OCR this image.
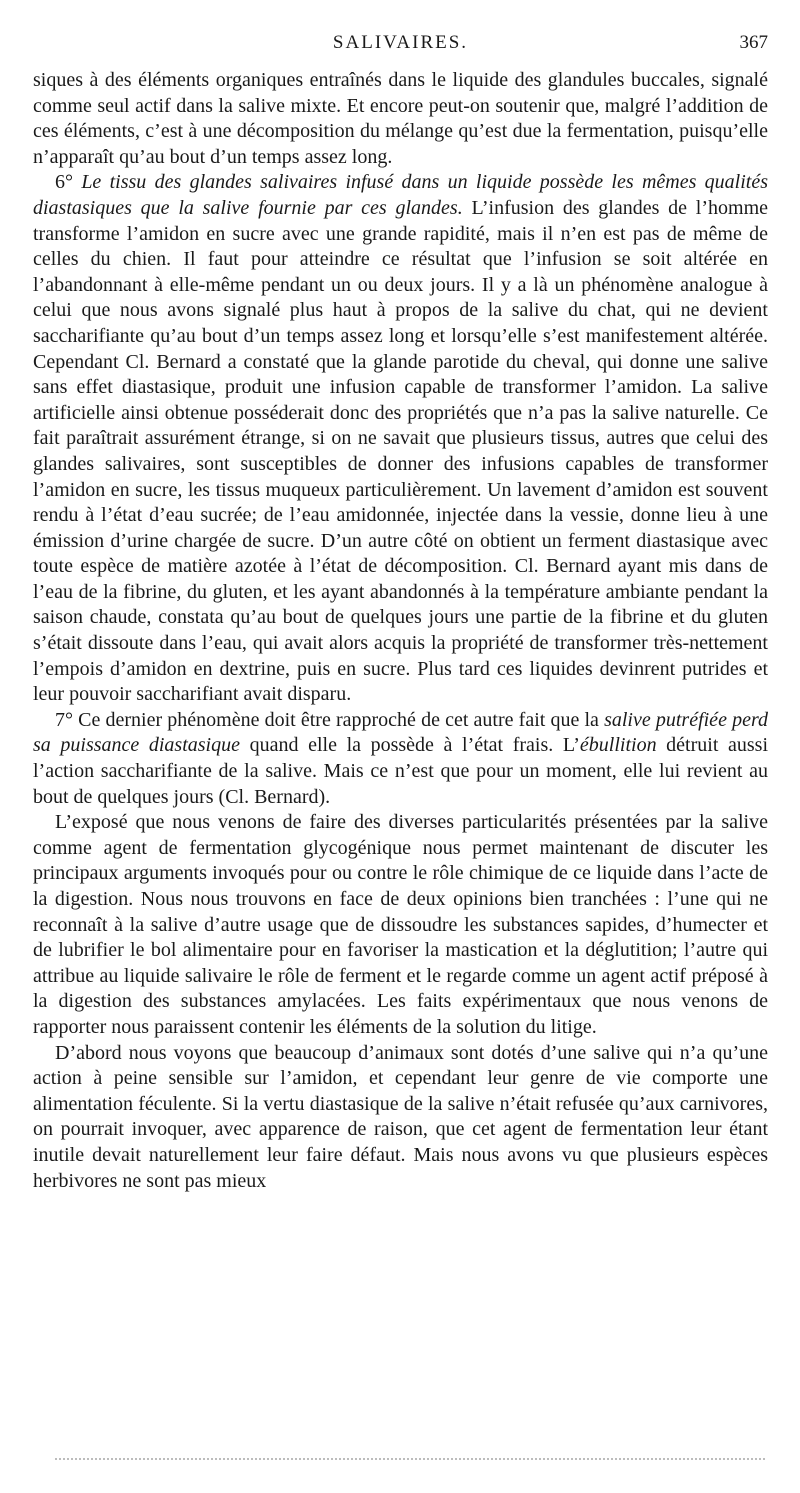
SALIVAIRES.	367

siques à des éléments organiques entraînés dans le liquide des glandules buccales, signalé comme seul actif dans la salive mixte. Et encore peut-on soutenir que, malgré l’addition de ces éléments, c’est à une décomposition du mélange qu’est due la fermentation, puisqu’elle n’apparaît qu’au bout d’un temps assez long.

6° Le tissu des glandes salivaires infusé dans un liquide possède les mêmes qualités diastasiques que la salive fournie par ces glandes. L’infusion des glandes de l’homme transforme l’amidon en sucre avec une grande rapidité, mais il n’en est pas de même de celles du chien. Il faut pour atteindre ce résultat que l’infusion se soit altérée en l’abandonnant à elle-même pendant un ou deux jours. Il y a là un phénomène analogue à celui que nous avons signalé plus haut à propos de la salive du chat, qui ne devient saccharifiante qu’au bout d’un temps assez long et lorsqu’elle s’est manifestement altérée. Cependant Cl. Bernard a constaté que la glande parotide du cheval, qui donne une salive sans effet diastasique, produit une infusion capable de transformer l’amidon. La salive artificielle ainsi obtenue posséderait donc des propriétés que n’a pas la salive naturelle. Ce fait paraîtrait assurément étrange, si on ne savait que plusieurs tissus, autres que celui des glandes salivaires, sont susceptibles de donner des infusions capables de transformer l’amidon en sucre, les tissus muqueux particulièrement. Un lavement d’amidon est souvent rendu à l’état d’eau sucrée; de l’eau amidonnée, injectée dans la vessie, donne lieu à une émission d’urine chargée de sucre. D’un autre côté on obtient un ferment diastasique avec toute espèce de matière azotée à l’état de décomposition. Cl. Bernard ayant mis dans de l’eau de la fibrine, du gluten, et les ayant abandonnés à la température ambiante pendant la saison chaude, constata qu’au bout de quelques jours une partie de la fibrine et du gluten s’était dissoute dans l’eau, qui avait alors acquis la propriété de transformer très-nettement l’empois d’amidon en dextrine, puis en sucre. Plus tard ces liquides devinrent putrides et leur pouvoir saccharifiant avait disparu.

7° Ce dernier phénomène doit être rapproché de cet autre fait que la salive putréfiée perd sa puissance diastasique quand elle la possède à l’état frais. L’ébullition détruit aussi l’action saccharifiante de la salive. Mais ce n’est que pour un moment, elle lui revient au bout de quelques jours (Cl. Bernard).

L’exposé que nous venons de faire des diverses particularités présentées par la salive comme agent de fermentation glycogénique nous permet maintenant de discuter les principaux arguments invoqués pour ou contre le rôle chimique de ce liquide dans l’acte de la digestion. Nous nous trouvons en face de deux opinions bien tranchées : l’une qui ne reconnaît à la salive d’autre usage que de dissoudre les substances sapides, d’humecter et de lubrifier le bol alimentaire pour en favoriser la mastication et la déglutition; l’autre qui attribue au liquide salivaire le rôle de ferment et le regarde comme un agent actif préposé à la digestion des substances amylacées. Les faits expérimentaux que nous venons de rapporter nous paraissent contenir les éléments de la solution du litige.

D’abord nous voyons que beaucoup d’animaux sont dotés d’une salive qui n’a qu’une action à peine sensible sur l’amidon, et cependant leur genre de vie comporte une alimentation féculente. Si la vertu diastasique de la salive n’était refusée qu’aux carnivores, on pourrait invoquer, avec apparence de raison, que cet agent de fermentation leur étant inutile devait naturellement leur faire défaut. Mais nous avons vu que plusieurs espèces herbivores ne sont pas mieux
